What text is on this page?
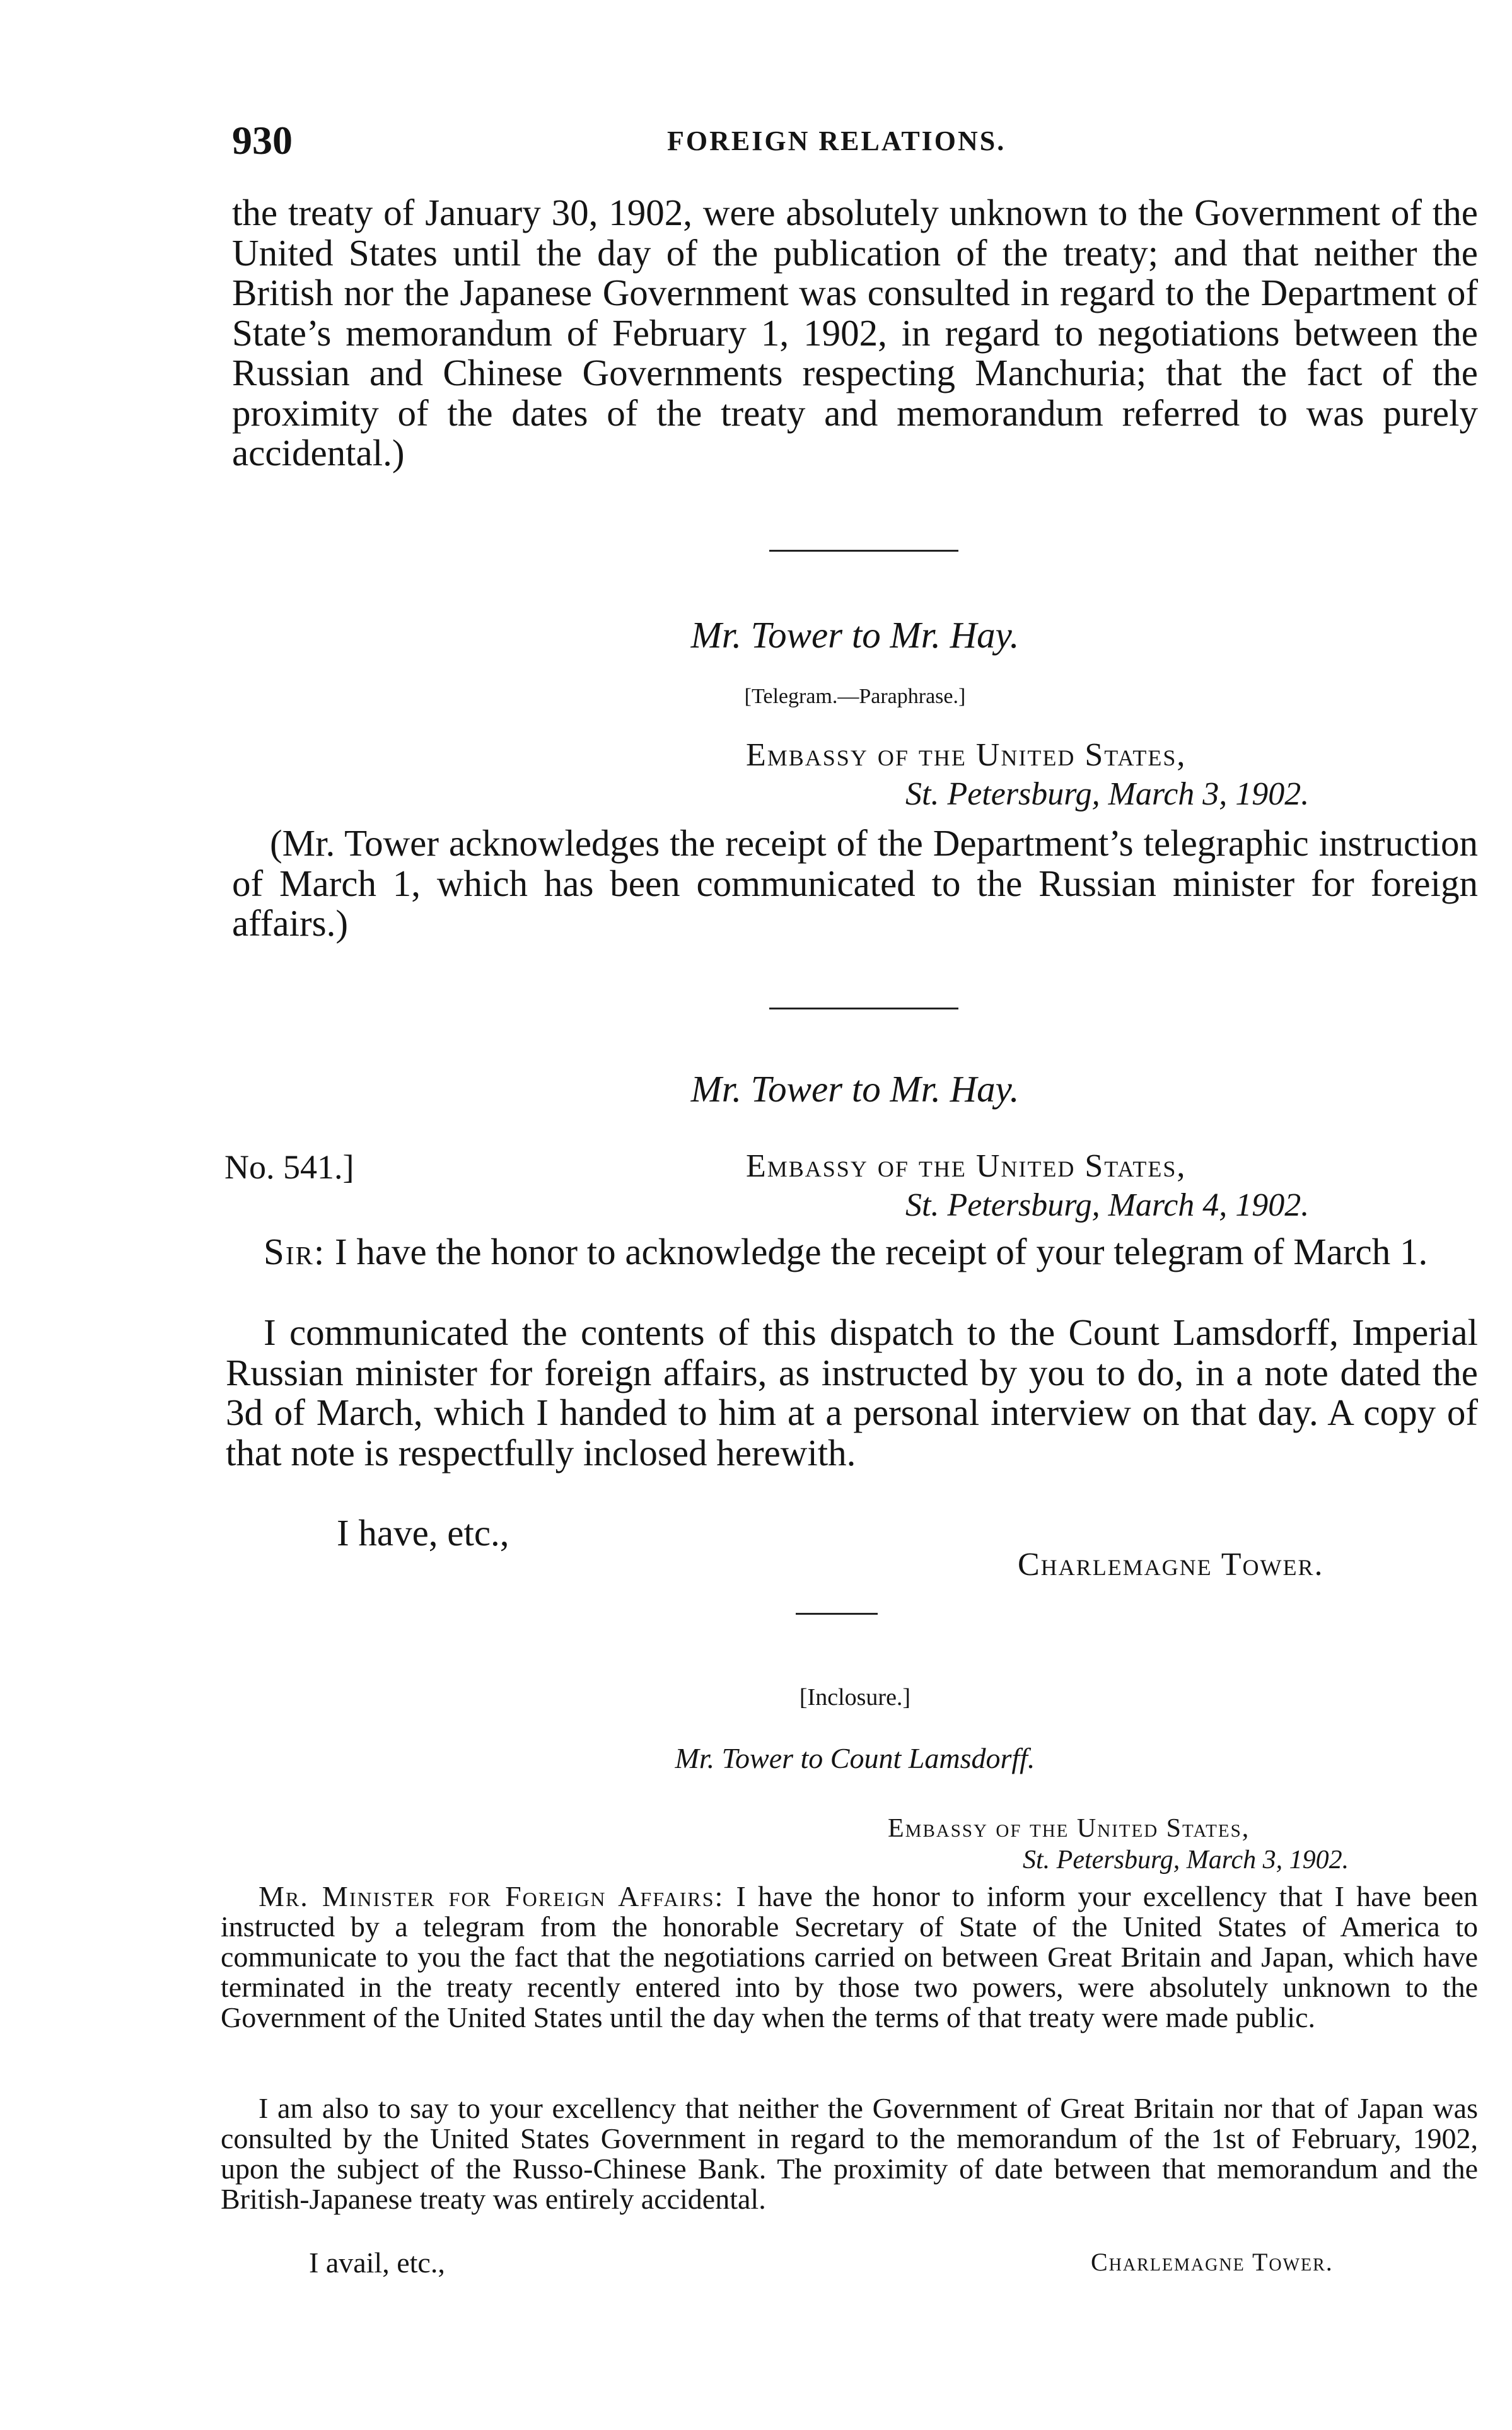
930	FOREIGN RELATIONS.

the treaty of January 30, 1902, were absolutely unknown to the Government of the United States until the day of the publication of the treaty; and that neither the British nor the Japanese Government was consulted in regard to the Department of State’s memorandum of February 1, 1902, in regard to negotiations between the Russian and Chinese Governments respecting Manchuria; that the fact of the proximity of the dates of the treaty and memorandum referred to was purely accidental.)

Mr. Tower to Mr. Hay.
[Telegram.—Paraphrase.]
Embassy of the United States,
St. Petersburg, March 3, 1902.

(Mr. Tower acknowledges the receipt of the Department’s telegraphic instruction of March 1, which has been communicated to the Russian minister for foreign affairs.)

Mr. Tower to Mr. Hay.
No. 541.]	Embassy of the United States,
St. Petersburg, March 4, 1902.

Sir: I have the honor to acknowledge the receipt of your telegram of March 1.

I communicated the contents of this dispatch to the Count Lamsdorff, Imperial Russian minister for foreign affairs, as instructed by you to do, in a note dated the 3d of March, which I handed to him at a personal interview on that day. A copy of that note is respectfully inclosed herewith.

I have, etc.,
Charlemagne Tower.
[Inclosure.]
Mr. Tower to Count Lamsdorff.
Embassy of the United States,
St. Petersburg, March 3, 1902.

Mr. Minister for Foreign Affairs: I have the honor to inform your excellency that I have been instructed by a telegram from the honorable Secretary of State of the United States of America to communicate to you the fact that the negotiations carried on between Great Britain and Japan, which have terminated in the treaty recently entered into by those two powers, were absolutely unknown to the Government of the United States until the day when the terms of that treaty were made public.

I am also to say to your excellency that neither the Government of Great Britain nor that of Japan was consulted by the United States Government in regard to the memorandum of the 1st of February, 1902, upon the subject of the Russo-Chinese Bank. The proximity of date between that memorandum and the British-Japanese treaty was entirely accidental.

I avail, etc.,	Charlemagne Tower.
